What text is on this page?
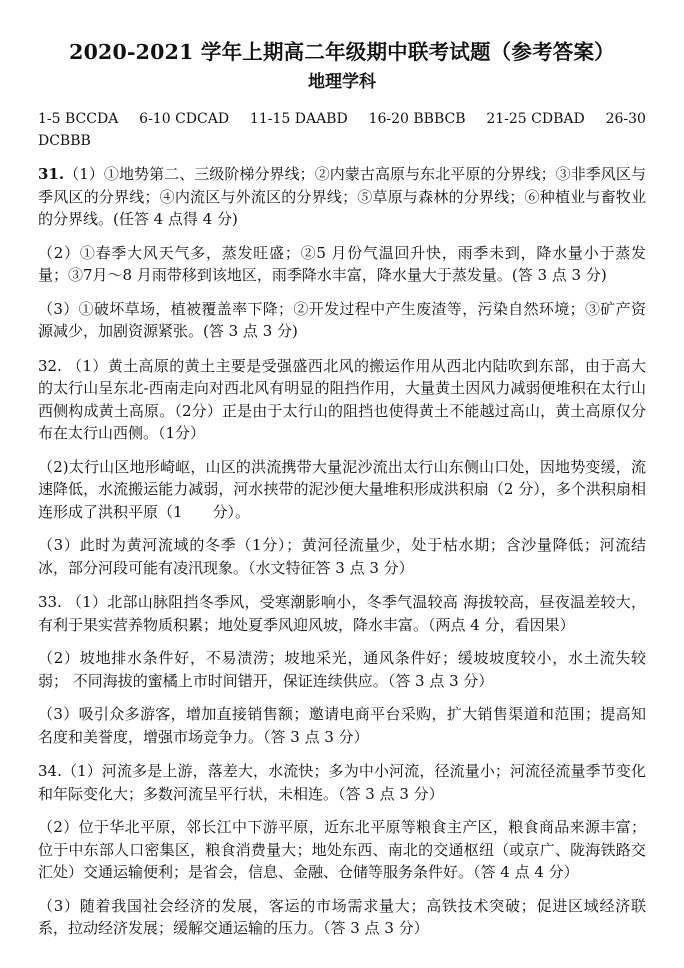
2020-2021 学年上期高二年级期中联考试题（参考答案）
地理学科
1-5 BCCDA 6-10 CDCAD 11-15 DAABD 16-20 BBBCB 21-25 CDBAD 26-30
DCBBB

31.（1）①地势第二、三级阶梯分界线；②内蒙古高原与东北平原的分界线；③非季风区与季风区的分界线；④内流区与外流区的分界线；⑤草原与森林的分界线；⑥种植业与畜牧业的分界线。(任答 4 点得 4 分)

（2）①春季大风天气多，蒸发旺盛；②5 月份气温回升快，雨季未到，降水量小于蒸发量；③7月～8 月雨带移到该地区，雨季降水丰富，降水量大于蒸发量。(答 3 点 3 分)

（3）①破坏草场，植被覆盖率下降；②开发过程中产生废渣等，污染自然环境；③矿产资源减少，加剧资源紧张。(答 3 点 3 分)

32. （1）黄土高原的黄土主要是受强盛西北风的搬运作用从西北内陆吹到东部，由于高大的太行山呈东北-西南走向对西北风有明显的阻挡作用，大量黄土因风力减弱便堆积在太行山西侧构成黄土高原。（2分）正是由于太行山的阻挡也使得黄土不能越过高山，黄土高原仅分布在太行山西侧。（1分）

（2)太行山区地形崎岖，山区的洪流携带大量泥沙流出太行山东侧山口处，因地势变缓，流速降低，水流搬运能力减弱，河水挟带的泥沙便大量堆积形成洪积扇（2 分），多个洪积扇相连形成了洪积平原（1　　分）。

（3）此时为黄河流域的冬季（1分）；黄河径流量少，处于枯水期；含沙量降低；河流结冰，部分河段可能有凌汛现象。（水文特征答 3 点 3 分）

33. （1）北部山脉阻挡冬季风，受寒潮影响小，冬季气温较高 海拔较高，昼夜温差较大， 有利于果实营养物质积累；地处夏季风迎风坡，降水丰富。（两点 4 分，看因果）

（2）坡地排水条件好，不易渍涝；坡地采光，通风条件好；缓坡坡度较小，水土流失较弱； 不同海拔的蜜橘上市时间错开，保证连续供应。（答 3 点 3 分）

（3）吸引众多游客，增加直接销售额；邀请电商平台采购，扩大销售渠道和范围；提高知名度和美誉度，增强市场竞争力。（答 3 点 3 分）

34.（1）河流多是上游，落差大，水流快；多为中小河流，径流量小；河流径流量季节变化和年际变化大；多数河流呈平行状，未相连。（答 3 点 3 分）

（2）位于华北平原，邻长江中下游平原，近东北平原等粮食主产区，粮食商品来源丰富；位于中东部人口密集区，粮食消费量大；地处东西、南北的交通枢纽（或京广、陇海铁路交汇处）交通运输便利；是省会，信息、金融、仓储等服务条件好。（答 4 点 4 分）

（3）随着我国社会经济的发展，客运的市场需求量大；高铁技术突破；促进区域经济联系，拉动经济发展；缓解交通运输的压力。（答 3 点 3 分）
